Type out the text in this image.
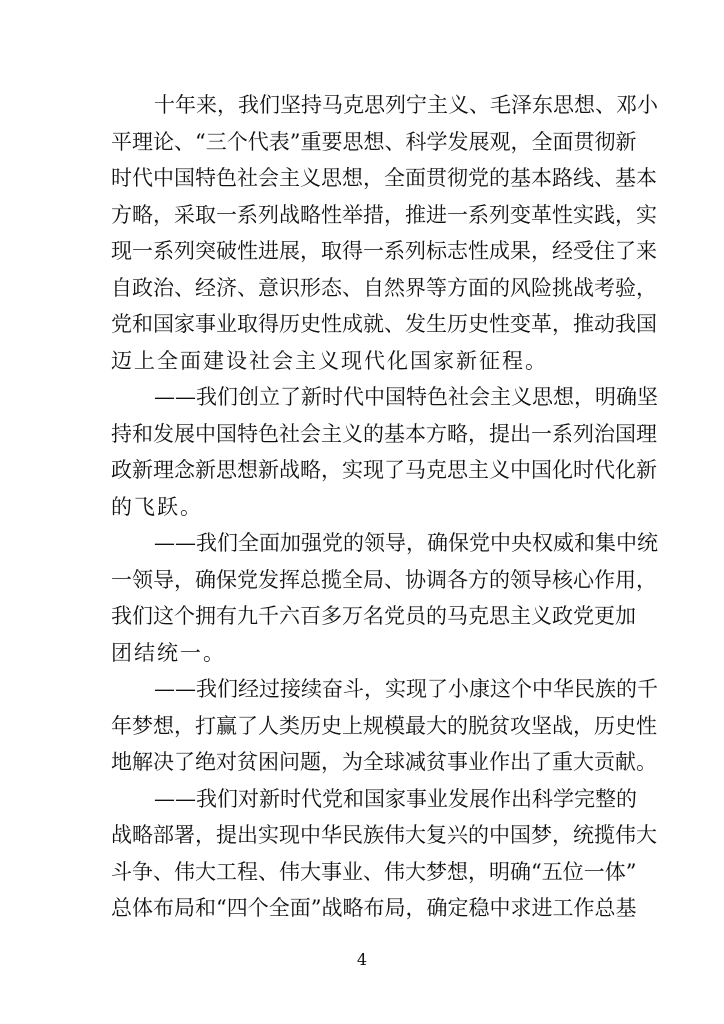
十年来，我们坚持马克思列宁主义、毛泽东思想、邓小
平理论、“三个代表”重要思想、科学发展观，全面贯彻新
时代中国特色社会主义思想，全面贯彻党的基本路线、基本
方略，采取一系列战略性举措，推进一系列变革性实践，实
现一系列突破性进展，取得一系列标志性成果，经受住了来
自政治、经济、意识形态、自然界等方面的风险挑战考验，
党和国家事业取得历史性成就、发生历史性变革，推动我国
迈上全面建设社会主义现代化国家新征程。
——我们创立了新时代中国特色社会主义思想，明确坚
持和发展中国特色社会主义的基本方略，提出一系列治国理
政新理念新思想新战略，实现了马克思主义中国化时代化新
的飞跃。
——我们全面加强党的领导，确保党中央权威和集中统
一领导，确保党发挥总揽全局、协调各方的领导核心作用，
我们这个拥有九千六百多万名党员的马克思主义政党更加
团结统一。
——我们经过接续奋斗，实现了小康这个中华民族的千
年梦想，打赢了人类历史上规模最大的脱贫攻坚战，历史性
地解决了绝对贫困问题，为全球减贫事业作出了重大贡献。
——我们对新时代党和国家事业发展作出科学完整的
战略部署，提出实现中华民族伟大复兴的中国梦，统揽伟大
斗争、伟大工程、伟大事业、伟大梦想，明确“五位一体”
总体布局和“四个全面”战略布局，确定稳中求进工作总基
4
